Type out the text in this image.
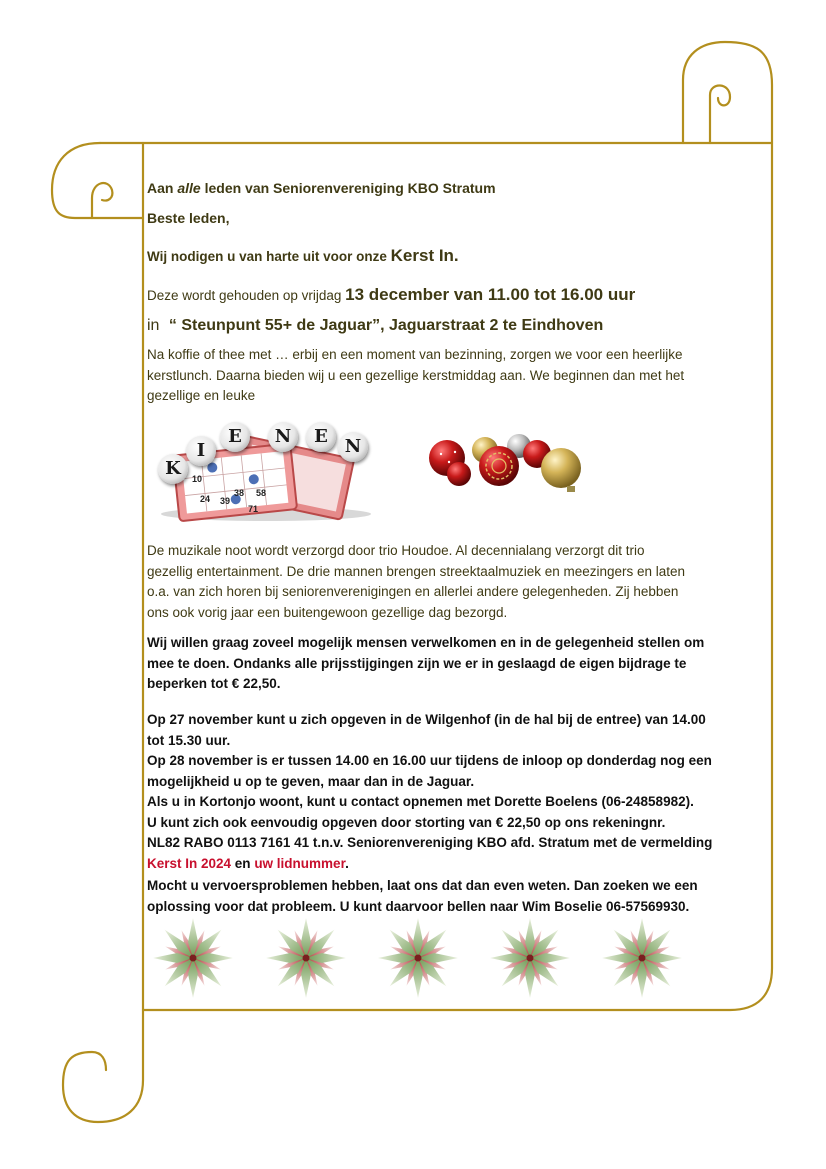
Aan alle leden van Seniorenvereniging KBO Stratum

Beste leden,

Wij nodigen u van harte uit voor onze Kerst In.

Deze wordt gehouden op vrijdag 13 december van 11.00 tot 16.00 uur

in “ Steunpunt 55+ de Jaguar”, Jaguarstraat 2 te Eindhoven

Na koffie of thee met … erbij en een moment van bezinning, zorgen we voor een heerlijke
kerstlunch. Daarna bieden wij u een gezellige kerstmiddag aan. We beginnen dan met het
gezellige en leuke
10
38
24 39
58
71
K
I
E	N	E N
De muzikale noot wordt verzorgd door trio Houdoe. Al decennialang verzorgt dit trio
gezellig entertainment. De drie mannen brengen streektaalmuziek en meezingers en laten
o.a. van zich horen bij seniorenverenigingen en allerlei andere gelegenheden. Zij hebben
ons ook vorig jaar een buitengewoon gezellige dag bezorgd.
Wij willen graag zoveel mogelijk mensen verwelkomen en in de gelegenheid stellen om
mee te doen. Ondanks alle prijsstijgingen zijn we er in geslaagd de eigen bijdrage te
beperken tot € 22,50.
Op 27 november kunt u zich opgeven in de Wilgenhof (in de hal bij de entree) van 14.00
tot 15.30 uur.
Op 28 november is er tussen 14.00 en 16.00 uur tijdens de inloop op donderdag nog een
mogelijkheid u op te geven, maar dan in de Jaguar.
Als u in Kortonjo woont, kunt u contact opnemen met Dorette Boelens (06-24858982).
U kunt zich ook eenvoudig opgeven door storting van € 22,50 op ons rekeningnr.
NL82 RABO 0113 7161 41 t.n.v. Seniorenvereniging KBO afd. Stratum met de vermelding
Kerst In 2024 en uw lidnummer.
Mocht u vervoersproblemen hebben, laat ons dat dan even weten. Dan zoeken we een
oplossing voor dat probleem. U kunt daarvoor bellen naar Wim Boselie 06-57569930.
